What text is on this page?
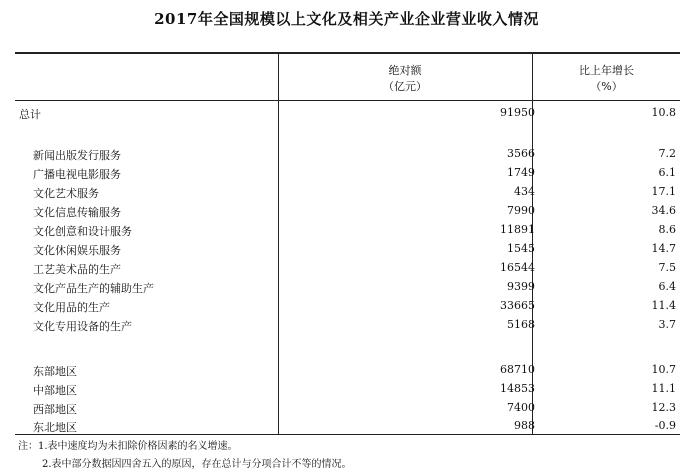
2017年全国规模以上文化及相关产业企业营业收入情况
绝对额
（亿元）
比上年增长
（%）
总计	91950	10.8
新闻出版发行服务	3566	7.2
广播电视电影服务	1749	6.1
文化艺术服务	434	17.1
文化信息传输服务	7990	34.6
文化创意和设计服务	11891	8.6
文化休闲娱乐服务	1545	14.7
工艺美术品的生产	16544	7.5
文化产品生产的辅助生产	9399	6.4
文化用品的生产	33665	11.4
文化专用设备的生产	5168	3.7
东部地区	68710	10.7
中部地区	14853	11.1
西部地区	7400	12.3
东北地区	988	-0.9
注：1.表中速度均为未扣除价格因素的名义增速。
2.表中部分数据因四舍五入的原因，存在总计与分项合计不等的情况。
